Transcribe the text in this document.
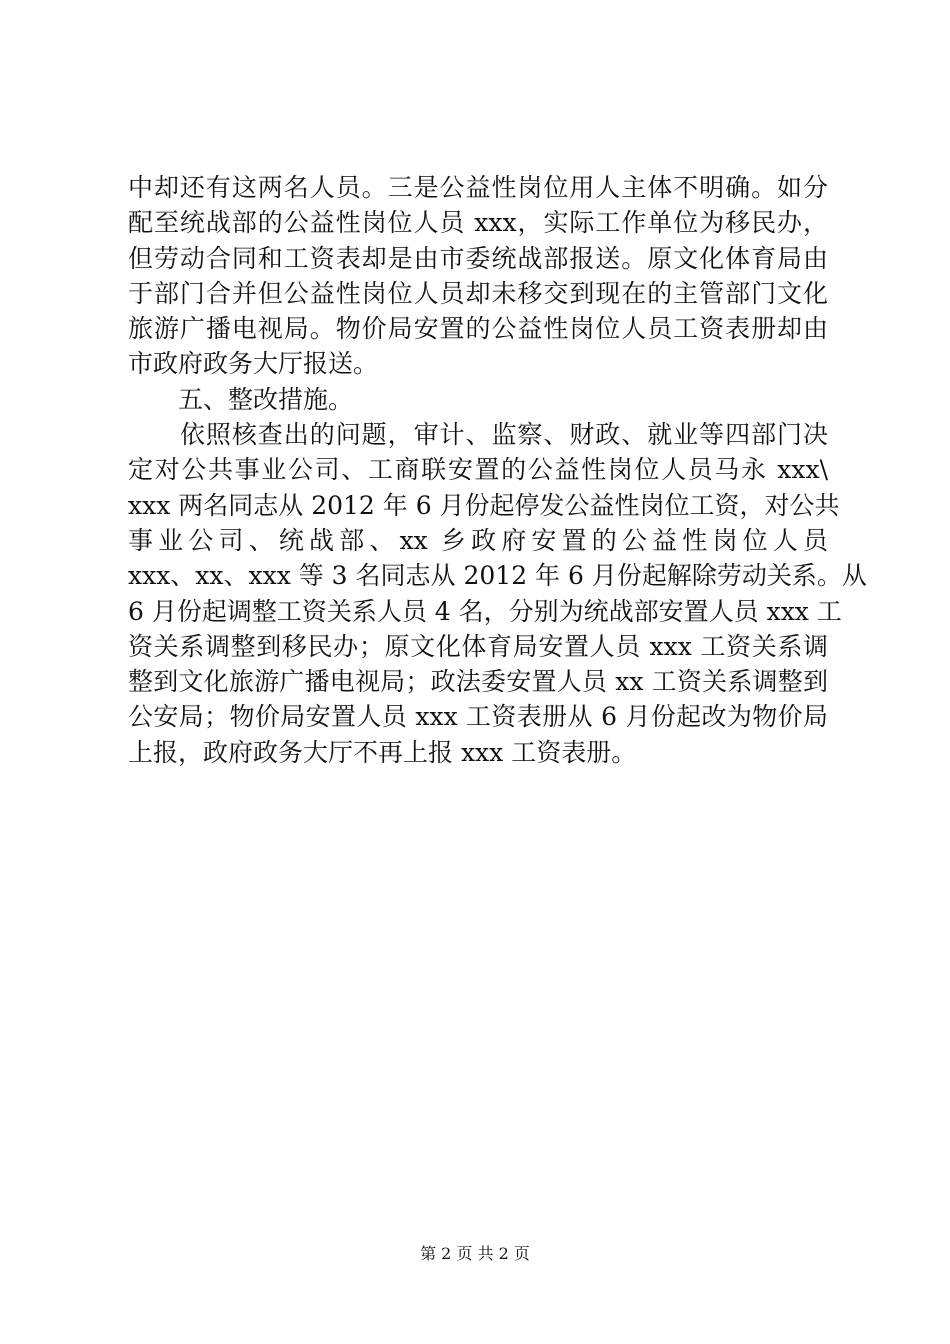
中却还有这两名人员。三是公益性岗位用人主体不明确。如分
配至统战部的公益性岗位人员 xxx，实际工作单位为移民办，
但劳动合同和工资表却是由市委统战部报送。原文化体育局由
于部门合并但公益性岗位人员却未移交到现在的主管部门文化
旅游广播电视局。物价局安置的公益性岗位人员工资表册却由
市政府政务大厅报送。
　　五、整改措施。
　　依照核查出的问题，审计、监察、财政、就业等四部门决
定对公共事业公司、工商联安置的公益性岗位人员马永 xxx\
xxx 两名同志从 2012 年 6 月份起停发公益性岗位工资，对公共
事业公司、统战部、xx 乡政府安置的公益性岗位人员
xxx、xx、xxx 等 3 名同志从 2012 年 6 月份起解除劳动关系。从
6 月份起调整工资关系人员 4 名，分别为统战部安置人员 xxx 工
资关系调整到移民办；原文化体育局安置人员 xxx 工资关系调
整到文化旅游广播电视局；政法委安置人员 xx 工资关系调整到
公安局；物价局安置人员 xxx 工资表册从 6 月份起改为物价局
上报，政府政务大厅不再上报 xxx 工资表册。
第 2 页 共 2 页
